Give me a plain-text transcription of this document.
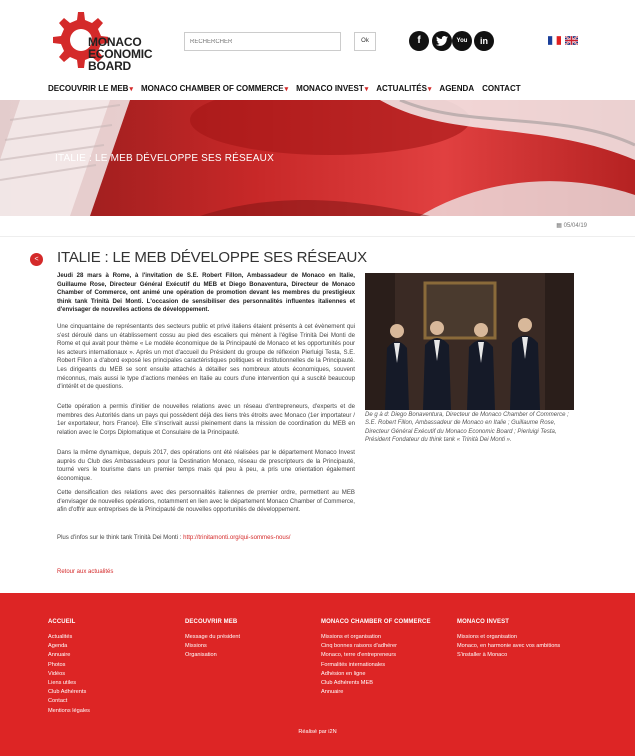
MONACO
ECONOMIC
BOARD
RECHERCHER
Ok	f	You	in
DECOUVRIR LE MEB▾ MONACO CHAMBER OF COMMERCE▾ MONACO INVEST▾ ACTUALITÉS▾ AGENDA CONTACT
ITALIE : LE MEB DÉVELOPPE SES RÉSEAUX
▦ 05/04/19
< ITALIE : LE MEB DÉVELOPPE SES RÉSEAUX
Jeudi 28 mars à Rome, à l'invitation de S.E. Robert Fillon, Ambassadeur de Monaco en Italie, Guillaume Rose, Directeur Général Exécutif du MEB et Diego Bonaventura, Directeur de Monaco Chamber of Commerce, ont animé une opération de promotion devant les membres du prestigieux think tank Trinità Dei Monti. L'occasion de sensibiliser des personnalités influentes italiennes et d'envisager de nouvelles actions de développement.
Une cinquantaine de représentants des secteurs public et privé italiens étaient présents à cet évènement qui s'est déroulé dans un établissement cossu au pied des escaliers qui mènent à l'église Trinità Dei Monti de Rome et qui avait pour thème « Le modèle économique de la Principauté de Monaco et les opportunités pour les acteurs internationaux ». Après un mot d'accueil du Président du groupe de réflexion Pierluigi Testa, S.E. Robert Fillon a d'abord exposé les principales caractéristiques politiques et institutionnelles de la Principauté. Les dirigeants du MEB se sont ensuite attachés à détailler ses nombreux atouts économiques, souvent méconnus, mais aussi le type d'actions menées en Italie au cours d'une intervention qui a suscité beaucoup d'intérêt et de questions.
Cette opération a permis d'initier de nouvelles relations avec un réseau d'entrepreneurs, d'experts et de membres des Autorités dans un pays qui possèdent déjà des liens très étroits avec Monaco (1er importateur / 1er exportateur, hors France). Elle s'inscrivait aussi pleinement dans la mission de coordination du MEB en relation avec le Corps Diplomatique et Consulaire de la Principauté.
Dans la même dynamique, depuis 2017, des opérations ont été réalisées par le département Monaco Invest auprès du Club des Ambassadeurs pour la Destination Monaco, réseau de prescripteurs de la Principauté, tourné vers le tourisme dans un premier temps mais qui peu à peu, a pris une orientation également économique.
Cette densification des relations avec des personnalités italiennes de premier ordre, permettent au MEB d'envisager de nouvelles opérations, notamment en lien avec le département Monaco Chamber of Commerce, afin d'offrir aux entreprises de la Principauté de nouvelles opportunités de développement.
Plus d'infos sur le think tank Trinità Dei Monti : http://trinitamonti.org/qui-sommes-nous/
Retour aux actualités
De g à d: Diego Bonaventura, Directeur de Monaco Chamber of Commerce ; S.E. Robert Fillon, Ambassadeur de Monaco en Italie ; Guillaume Rose, Directeur Général Exécutif du Monaco Economic Board ; Pierluigi Testa, Président Fondateur du think tank « Trinità Dei Monti ».
ACCUEIL
Actualités
Agenda
Annuaire
Photos
Vidéos
Liens utiles
Club Adhérents
Contact
Mentions légales
DECOUVRIR MEB
Message du président
Missions
Organisation
MONACO CHAMBER OF COMMERCE
Missions et organisation
Cinq bonnes raisons d'adhérer
Monaco, terre d'entrepreneurs
Formalités internationales
Adhésion en ligne
Club Adhérents MEB
Annuaire
MONACO INVEST
Missions et organisation
Monaco, en harmonie avec vos ambitions
S'installer à Monaco
Réalisé par i2N
